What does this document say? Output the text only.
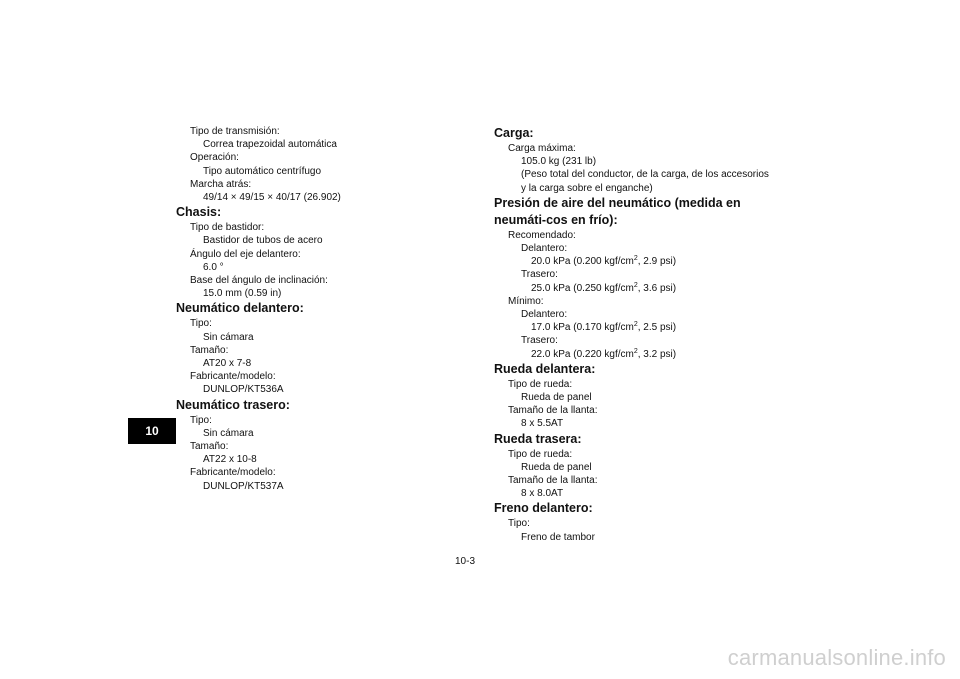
10
Tipo de transmisión:
Correa trapezoidal automática
Operación:
Tipo automático centrífugo
Marcha atrás:
49/14 × 49/15 × 40/17 (26.902)
Chasis:
Tipo de bastidor:
Bastidor de tubos de acero
Ángulo del eje delantero:
6.0 °
Base del ángulo de inclinación:
15.0 mm (0.59 in)
Neumático delantero:
Tipo:
Sin cámara
Tamaño:
AT20 x 7-8
Fabricante/modelo:
DUNLOP/KT536A
Neumático trasero:
Tipo:
Sin cámara
Tamaño:
AT22 x 10-8
Fabricante/modelo:
DUNLOP/KT537A
Carga:
Carga máxima:
105.0 kg (231 lb)
(Peso total del conductor, de la carga, de los accesorios
y la carga sobre el enganche)
Presión de aire del neumático (medida en neumáti-cos en frío):
Recomendado:
Delantero:
20.0 kPa (0.200 kgf/$cm^2$, 2.9 psi)
Trasero:
25.0 kPa (0.250 kgf/$cm^2$, 3.6 psi)
Mínimo:
Delantero:
17.0 kPa (0.170 kgf/$cm^2$, 2.5 psi)
Trasero:
22.0 kPa (0.220 kgf/$cm^2$, 3.2 psi)
Rueda delantera:
Tipo de rueda:
Rueda de panel
Tamaño de la llanta:
8 x 5.5AT
Rueda trasera:
Tipo de rueda:
Rueda de panel
Tamaño de la llanta:
8 x 8.0AT
Freno delantero:
Tipo:
Freno de tambor
10-3
carmanualsonline.info
